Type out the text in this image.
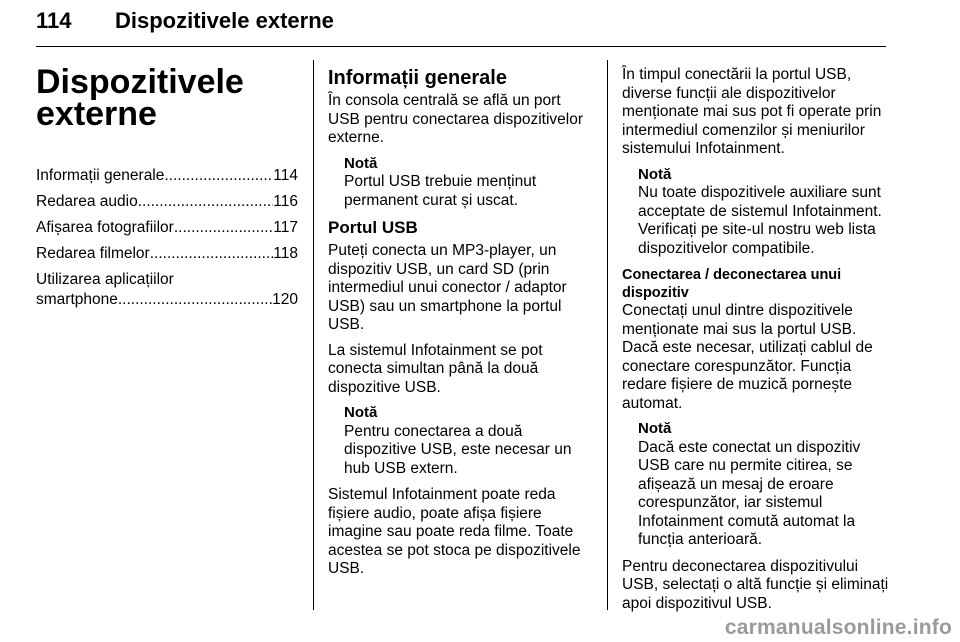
114 Dispozitivele externe
Dispozitivele
externe
Informații generale .....	114
Redarea audio .....	116
Afișarea fotografiilor .....	117
Redarea filmelor .....	118
Utilizarea aplicațiilor
smartphone .....	120
Informații generale

În consola centrală se află un port USB pentru conectarea dispozitivelor externe.

Notă

Portul USB trebuie menținut permanent curat și uscat.

Portul USB

Puteți conecta un MP3-player, un dispozitiv USB, un card SD (prin intermediul unui conector / adaptor USB) sau un smartphone la portul USB.

La sistemul Infotainment se pot conecta simultan până la două dispozitive USB.

Notă

Pentru conectarea a două dispozitive USB, este necesar un hub USB extern.

Sistemul Infotainment poate reda fișiere audio, poate afișa fișiere imagine sau poate reda filme. Toate acestea se pot stoca pe dispozitivele USB.

În timpul conectării la portul USB, diverse funcții ale dispozitivelor menționate mai sus pot fi operate prin intermediul comenzilor și meniurilor sistemului Infotainment.

Notă

Nu toate dispozitivele auxiliare sunt acceptate de sistemul Infotainment. Verificați pe site-ul nostru web lista dispozitivelor compatibile.

Conectarea / deconectarea unui dispozitiv

Conectați unul dintre dispozitivele menționate mai sus la portul USB. Dacă este necesar, utilizați cablul de conectare corespunzător. Funcția redare fișiere de muzică pornește automat.

Notă

Dacă este conectat un dispozitiv USB care nu permite citirea, se afișează un mesaj de eroare corespunzător, iar sistemul Infotainment comută automat la funcția anterioară.

Pentru deconectarea dispozitivului USB, selectați o altă funcție și eliminați apoi dispozitivul USB.

carmanualsonline.info
